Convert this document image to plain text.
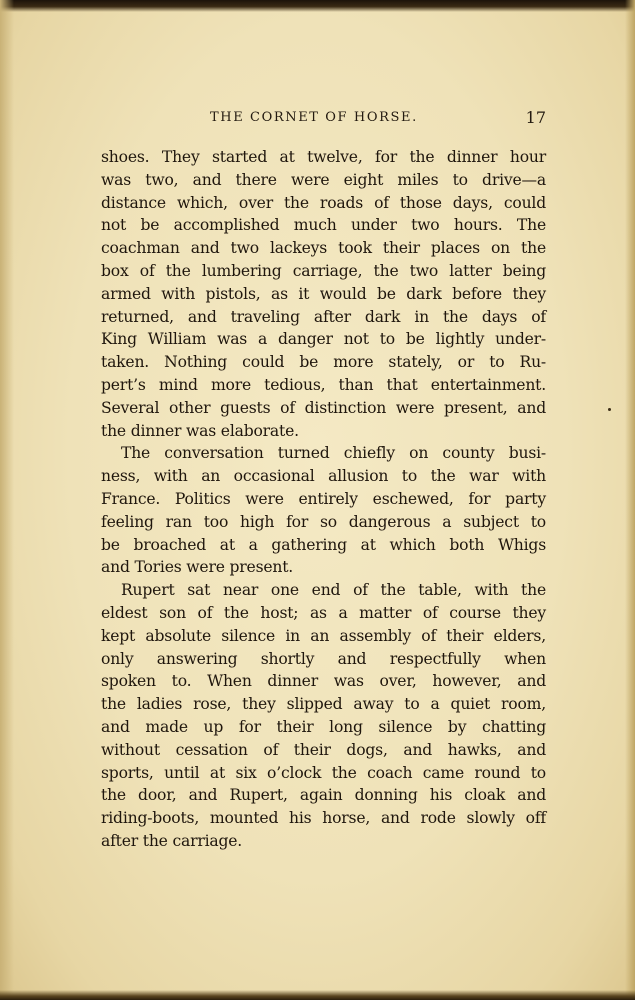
THE CORNET OF HORSE.	17
shoes. They started at twelve, for the dinner hour
was two, and there were eight miles to drive—a
distance which, over the roads of those days, could
not be accomplished much under two hours. The
coachman and two lackeys took their places on the
box of the lumbering carriage, the two latter being
armed with pistols, as it would be dark before they
returned, and traveling after dark in the days of
King William was a danger not to be lightly under-
taken. Nothing could be more stately, or to Ru-
pert’s mind more tedious, than that entertainment.
Several other guests of distinction were present, and
the dinner was elaborate.
The conversation turned chiefly on county busi-
ness, with an occasional allusion to the war with
France. Politics were entirely eschewed, for party
feeling ran too high for so dangerous a subject to
be broached at a gathering at which both Whigs
and Tories were present.
Rupert sat near one end of the table, with the
eldest son of the host; as a matter of course they
kept absolute silence in an assembly of their elders,
only answering shortly and respectfully when
spoken to. When dinner was over, however, and
the ladies rose, they slipped away to a quiet room,
and made up for their long silence by chatting
without cessation of their dogs, and hawks, and
sports, until at six o’clock the coach came round to
the door, and Rupert, again donning his cloak and
riding-boots, mounted his horse, and rode slowly off
after the carriage.
